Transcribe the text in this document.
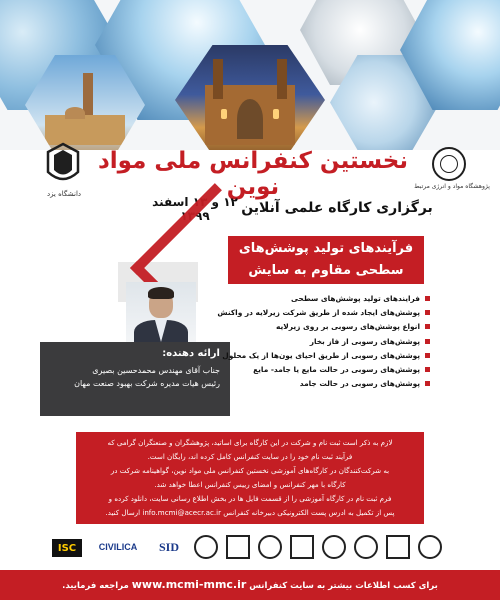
دانشگاه یزد
پژوهشگاه مواد و انرژی مرتبط
نخستین کنفرانس ملی مواد نوین
برگزاری کارگاه علمی آنلاین
۱۲ و ۱۳ اسفند ۱۳۹۹
فرآیندهای تولید پوشش‌های
سطحی مقاوم به سایش
ارائه دهنده:
جناب آقای مهندس محمدحسین بصیری
رئیس هیات مدیره شرکت بهبود صنعت مهان
فرایندهای تولید پوشش‌های سطحی
پوشش‌های ایجاد شده از طریق شرکت زیرلایه در واکنش
انواع پوشش‌های رسوبی بر روی زیرلایه
پوشش‌های رسوبی از فاز بخار
پوشش‌های رسوبی از طریق احیای یون‌ها از یک محلول
پوشش‌های رسوبی در حالت مایع یا جامد- مایع
پوشش‌های رسوبی در حالت جامد
لازم به ذکر است ثبت نام و شرکت در این کارگاه برای اساتید، پژوهشگران و صنعتگران گرامی که
فرآیند ثبت نام خود را در سایت کنفرانس کامل کرده اند، رایگان است.
به شرکت‌کنندگان در کارگاه‌های آموزشی نخستین کنفرانس ملی مواد نوین، گواهینامه شرکت در
کارگاه با مهر کنفرانس و امضای رییس کنفرانس اعطا خواهد شد.
فرم ثبت نام در کارگاه آموزشی را از قسمت فایل ها در بخش اطلاع رسانی سایت، دانلود کرده و
پس از تکمیل به ادرس پست الکترونیکی دبیرخانه کنفرانس info.mcmi@acecr.ac.ir ارسال کنید.
ISC	CIVILICA	SID
برای کسب اطلاعات بیشتر به سایت کنفرانس www.mcmi-mmc.ir مراجعه فرمایید.
